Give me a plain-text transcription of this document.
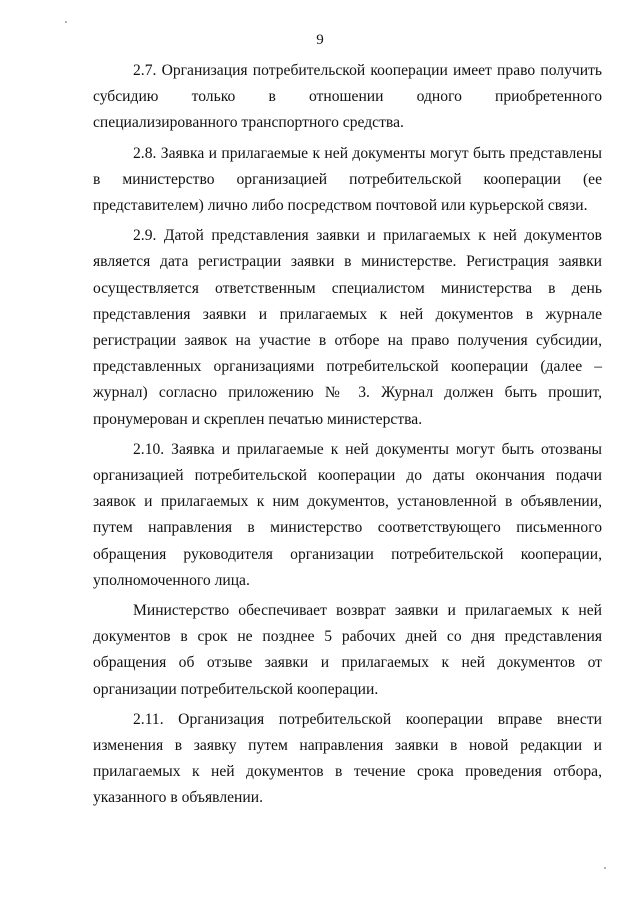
9

2.7. Организация потребительской кооперации имеет право получить субсидию только в отношении одного приобретенного специализированного транспортного средства.

2.8. Заявка и прилагаемые к ней документы могут быть представлены в министерство организацией потребительской кооперации (ее представителем) лично либо посредством почтовой или курьерской связи.

2.9. Датой представления заявки и прилагаемых к ней документов является дата регистрации заявки в министерстве. Регистрация заявки осуществляется ответственным специалистом министерства в день представления заявки и прилагаемых к ней документов в журнале регистрации заявок на участие в отборе на право получения субсидии, представленных организациями потребительской кооперации (далее – журнал) согласно приложению № 3. Журнал должен быть прошит, пронумерован и скреплен печатью министерства.

2.10. Заявка и прилагаемые к ней документы могут быть отозваны организацией потребительской кооперации до даты окончания подачи заявок и прилагаемых к ним документов, установленной в объявлении, путем направления в министерство соответствующего письменного обращения руководителя организации потребительской кооперации, уполномоченного лица.

Министерство обеспечивает возврат заявки и прилагаемых к ней документов в срок не позднее 5 рабочих дней со дня представления обращения об отзыве заявки и прилагаемых к ней документов от организации потребительской кооперации.

2.11. Организация потребительской кооперации вправе внести изменения в заявку путем направления заявки в новой редакции и прилагаемых к ней документов в течение срока проведения отбора, указанного в объявлении.
